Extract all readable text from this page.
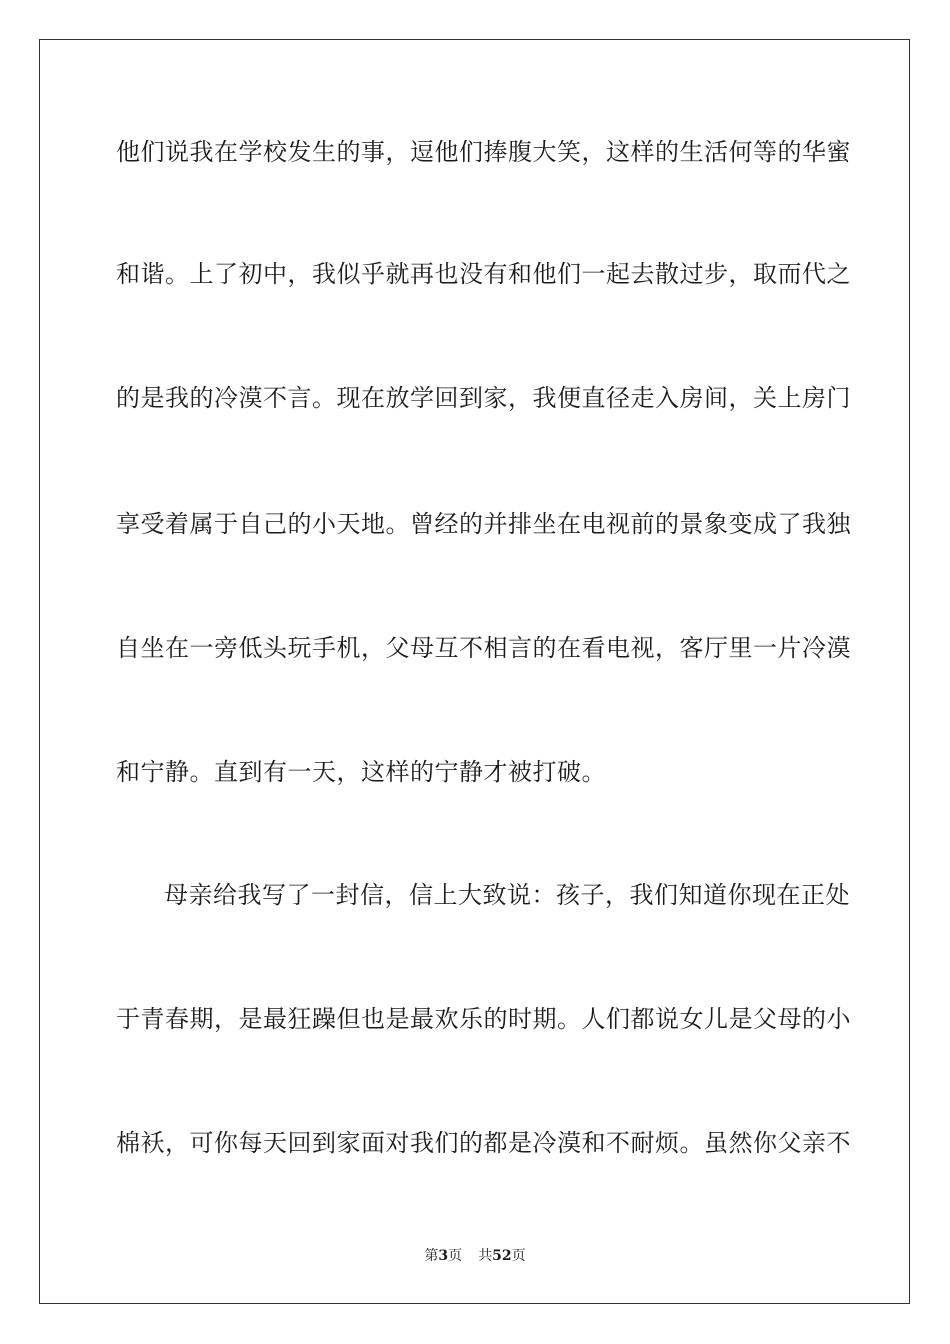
他们说我在学校发生的事，逗他们捧腹大笑，这样的生活何等的华蜜
和谐。上了初中，我似乎就再也没有和他们一起去散过步，取而代之
的是我的冷漠不言。现在放学回到家，我便直径走入房间，关上房门
享受着属于自己的小天地。曾经的并排坐在电视前的景象变成了我独
自坐在一旁低头玩手机，父母互不相言的在看电视，客厅里一片冷漠
和宁静。直到有一天，这样的宁静才被打破。
母亲给我写了一封信，信上大致说：孩子，我们知道你现在正处
于青春期，是最狂躁但也是最欢乐的时期。人们都说女儿是父母的小
棉袄，可你每天回到家面对我们的都是冷漠和不耐烦。虽然你父亲不
第3页 共52页
